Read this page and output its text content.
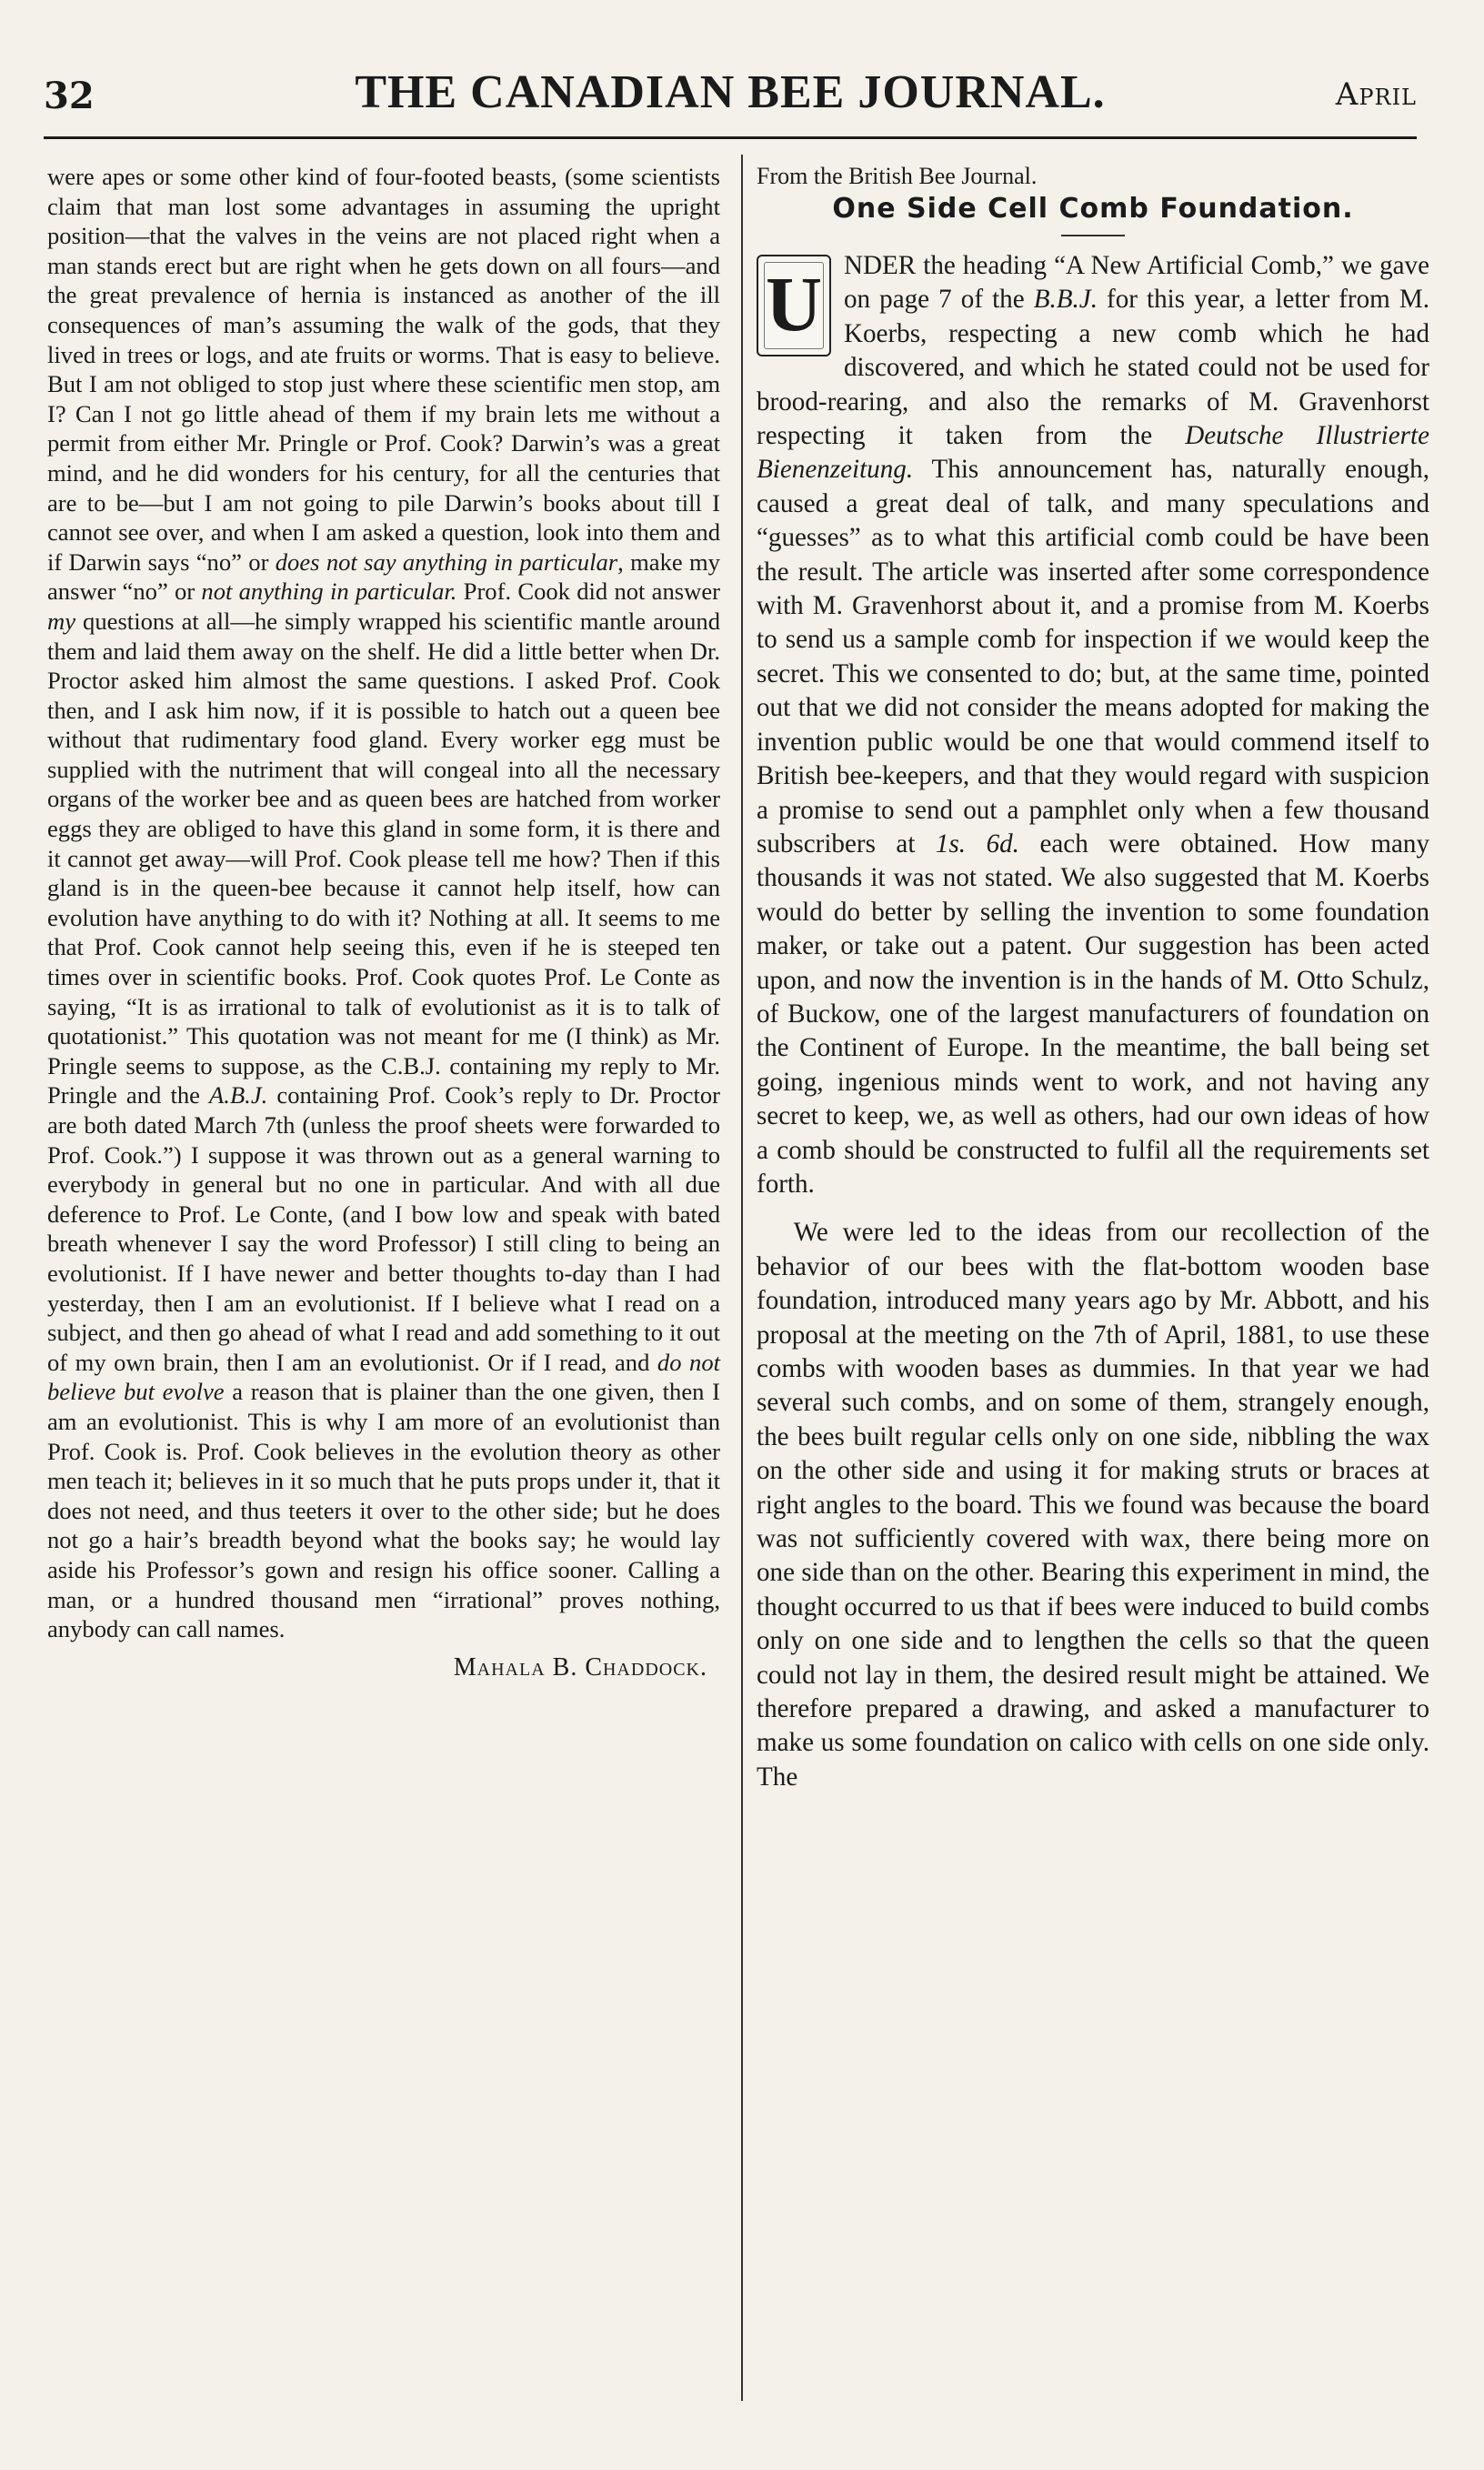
32	THE CANADIAN BEE JOURNAL.	April

were apes or some other kind of four-footed beasts, (some scientists claim that man lost some advantages in assuming the upright position—that the valves in the veins are not placed right when a man stands erect but are right when he gets down on all fours—and the great prevalence of hernia is instanced as another of the ill consequences of man’s assuming the walk of the gods, that they lived in trees or logs, and ate fruits or worms. That is easy to believe. But I am not obliged to stop just where these scientific men stop, am I? Can I not go little ahead of them if my brain lets me without a permit from either Mr. Pringle or Prof. Cook? Darwin’s was a great mind, and he did wonders for his century, for all the centuries that are to be—but I am not going to pile Darwin’s books about till I cannot see over, and when I am asked a question, look into them and if Darwin says “no” or does not say anything in particular, make my answer “no” or not anything in particular. Prof. Cook did not answer my questions at all—he simply wrapped his scientific mantle around them and laid them away on the shelf. He did a little better when Dr. Proctor asked him almost the same questions. I asked Prof. Cook then, and I ask him now, if it is possible to hatch out a queen bee without that rudimentary food gland. Every worker egg must be supplied with the nutriment that will congeal into all the necessary organs of the worker bee and as queen bees are hatched from worker eggs they are obliged to have this gland in some form, it is there and it cannot get away—will Prof. Cook please tell me how? Then if this gland is in the queen-bee because it cannot help itself, how can evolution have anything to do with it? Nothing at all. It seems to me that Prof. Cook cannot help seeing this, even if he is steeped ten times over in scientific books. Prof. Cook quotes Prof. Le Conte as saying, “It is as irrational to talk of evolutionist as it is to talk of quotationist.” This quotation was not meant for me (I think) as Mr. Pringle seems to suppose, as the C.B.J. containing my reply to Mr. Pringle and the A.B.J. containing Prof. Cook’s reply to Dr. Proctor are both dated March 7th (unless the proof sheets were forwarded to Prof. Cook.”) I suppose it was thrown out as a general warning to everybody in general but no one in particular. And with all due deference to Prof. Le Conte, (and I bow low and speak with bated breath whenever I say the word Professor) I still cling to being an evolutionist. If I have newer and better thoughts to-day than I had yesterday, then I am an evolutionist. If I believe what I read on a subject, and then go ahead of what I read and add something to it out of my own brain, then I am an evolutionist. Or if I read, and do not believe but evolve a reason that is plainer than the one given, then I am an evolutionist. This is why I am more of an evolutionist than Prof. Cook is. Prof. Cook believes in the evolution theory as other men teach it; believes in it so much that he puts props under it, that it does not need, and thus teeters it over to the other side; but he does not go a hair’s breadth beyond what the books say; he would lay aside his Professor’s gown and resign his office sooner. Calling a man, or a hundred thousand men “irrational” proves nothing, anybody can call names.

Mahala B. Chaddock.

From the British Bee Journal.

One Side Cell Comb Foundation.

U NDER the heading “A New Artificial Comb,” we gave on page 7 of the B.B.J. for this year, a letter from M. Koerbs, respecting a new comb which he had discovered, and which he stated could not be used for brood-rearing, and also the remarks of M. Gravenhorst respecting it taken from the Deutsche Illustrierte Bienenzeitung. This announcement has, naturally enough, caused a great deal of talk, and many speculations and “guesses” as to what this artificial comb could be have been the result. The article was inserted after some correspondence with M. Gravenhorst about it, and a promise from M. Koerbs to send us a sample comb for inspection if we would keep the secret. This we consented to do; but, at the same time, pointed out that we did not consider the means adopted for making the invention public would be one that would commend itself to British bee-keepers, and that they would regard with suspicion a promise to send out a pamphlet only when a few thousand subscribers at 1s. 6d. each were obtained. How many thousands it was not stated. We also suggested that M. Koerbs would do better by selling the invention to some foundation maker, or take out a patent. Our suggestion has been acted upon, and now the invention is in the hands of M. Otto Schulz, of Buckow, one of the largest manufacturers of foundation on the Continent of Europe. In the meantime, the ball being set going, ingenious minds went to work, and not having any secret to keep, we, as well as others, had our own ideas of how a comb should be constructed to fulfil all the requirements set forth.

We were led to the ideas from our recollection of the behavior of our bees with the flat-bottom wooden base foundation, introduced many years ago by Mr. Abbott, and his proposal at the meeting on the 7th of April, 1881, to use these combs with wooden bases as dummies. In that year we had several such combs, and on some of them, strangely enough, the bees built regular cells only on one side, nibbling the wax on the other side and using it for making struts or braces at right angles to the board. This we found was because the board was not sufficiently covered with wax, there being more on one side than on the other. Bearing this experiment in mind, the thought occurred to us that if bees were induced to build combs only on one side and to lengthen the cells so that the queen could not lay in them, the desired result might be attained. We therefore prepared a drawing, and asked a manufacturer to make us some foundation on calico with cells on one side only. The
